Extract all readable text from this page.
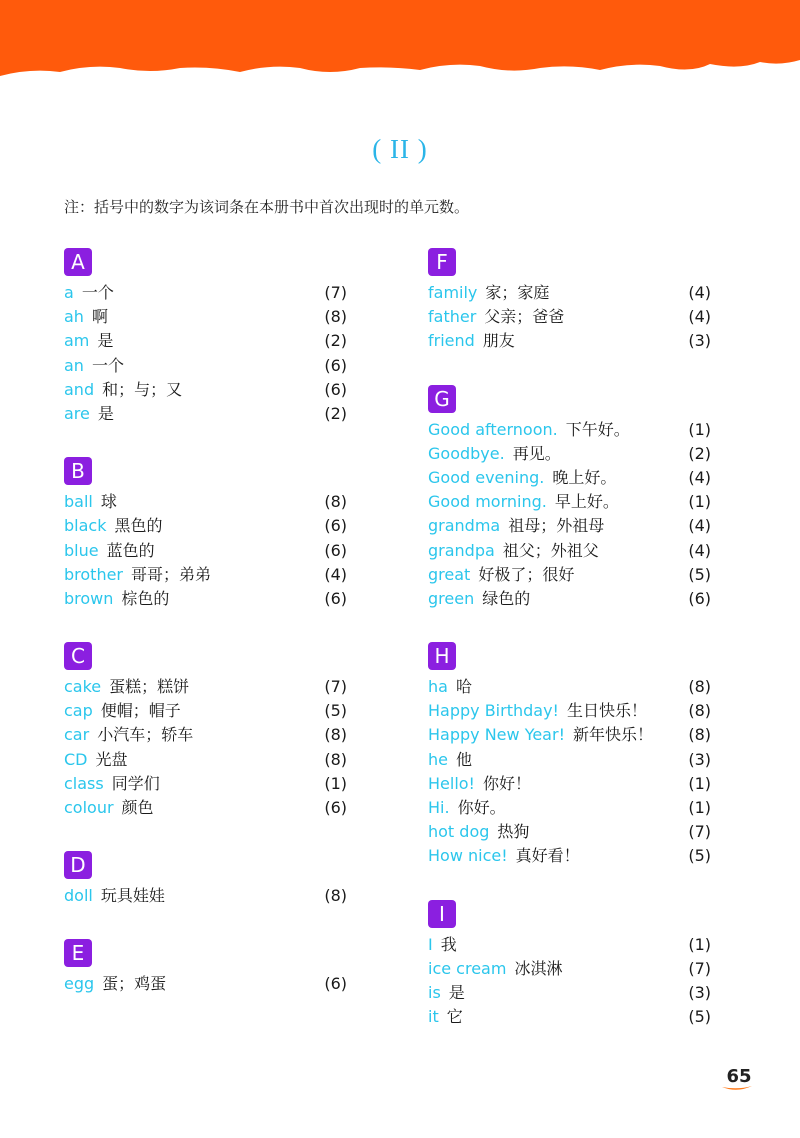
( II )
注：括号中的数字为该词条在本册书中首次出现时的单元数。
A
a 一个	(7)
ah 啊	(8)
am 是	(2)
an 一个	(6)
and 和；与；又	(6)
are 是	(2)
B
ball 球	(8)
black 黑色的	(6)
blue 蓝色的	(6)
brother 哥哥；弟弟	(4)
brown 棕色的	(6)
C
cake 蛋糕；糕饼	(7)
cap 便帽；帽子	(5)
car 小汽车；轿车	(8)
CD 光盘	(8)
class 同学们	(1)
colour 颜色	(6)
D
doll 玩具娃娃	(8)
E
egg 蛋；鸡蛋	(6)
F
family 家；家庭	(4)
father 父亲；爸爸	(4)
friend 朋友	(3)
G
Good afternoon. 下午好。	(1)
Goodbye. 再见。	(2)
Good evening. 晚上好。	(4)
Good morning. 早上好。	(1)
grandma 祖母；外祖母	(4)
grandpa 祖父；外祖父	(4)
great 好极了；很好	(5)
green 绿色的	(6)
H
ha 哈	(8)
Happy Birthday! 生日快乐！	(8)
Happy New Year! 新年快乐！	(8)
he 他	(3)
Hello! 你好！	(1)
Hi. 你好。	(1)
hot dog 热狗	(7)
How nice! 真好看！	(5)
I
I 我	(1)
ice cream 冰淇淋	(7)
is 是	(3)
it 它	(5)
65
